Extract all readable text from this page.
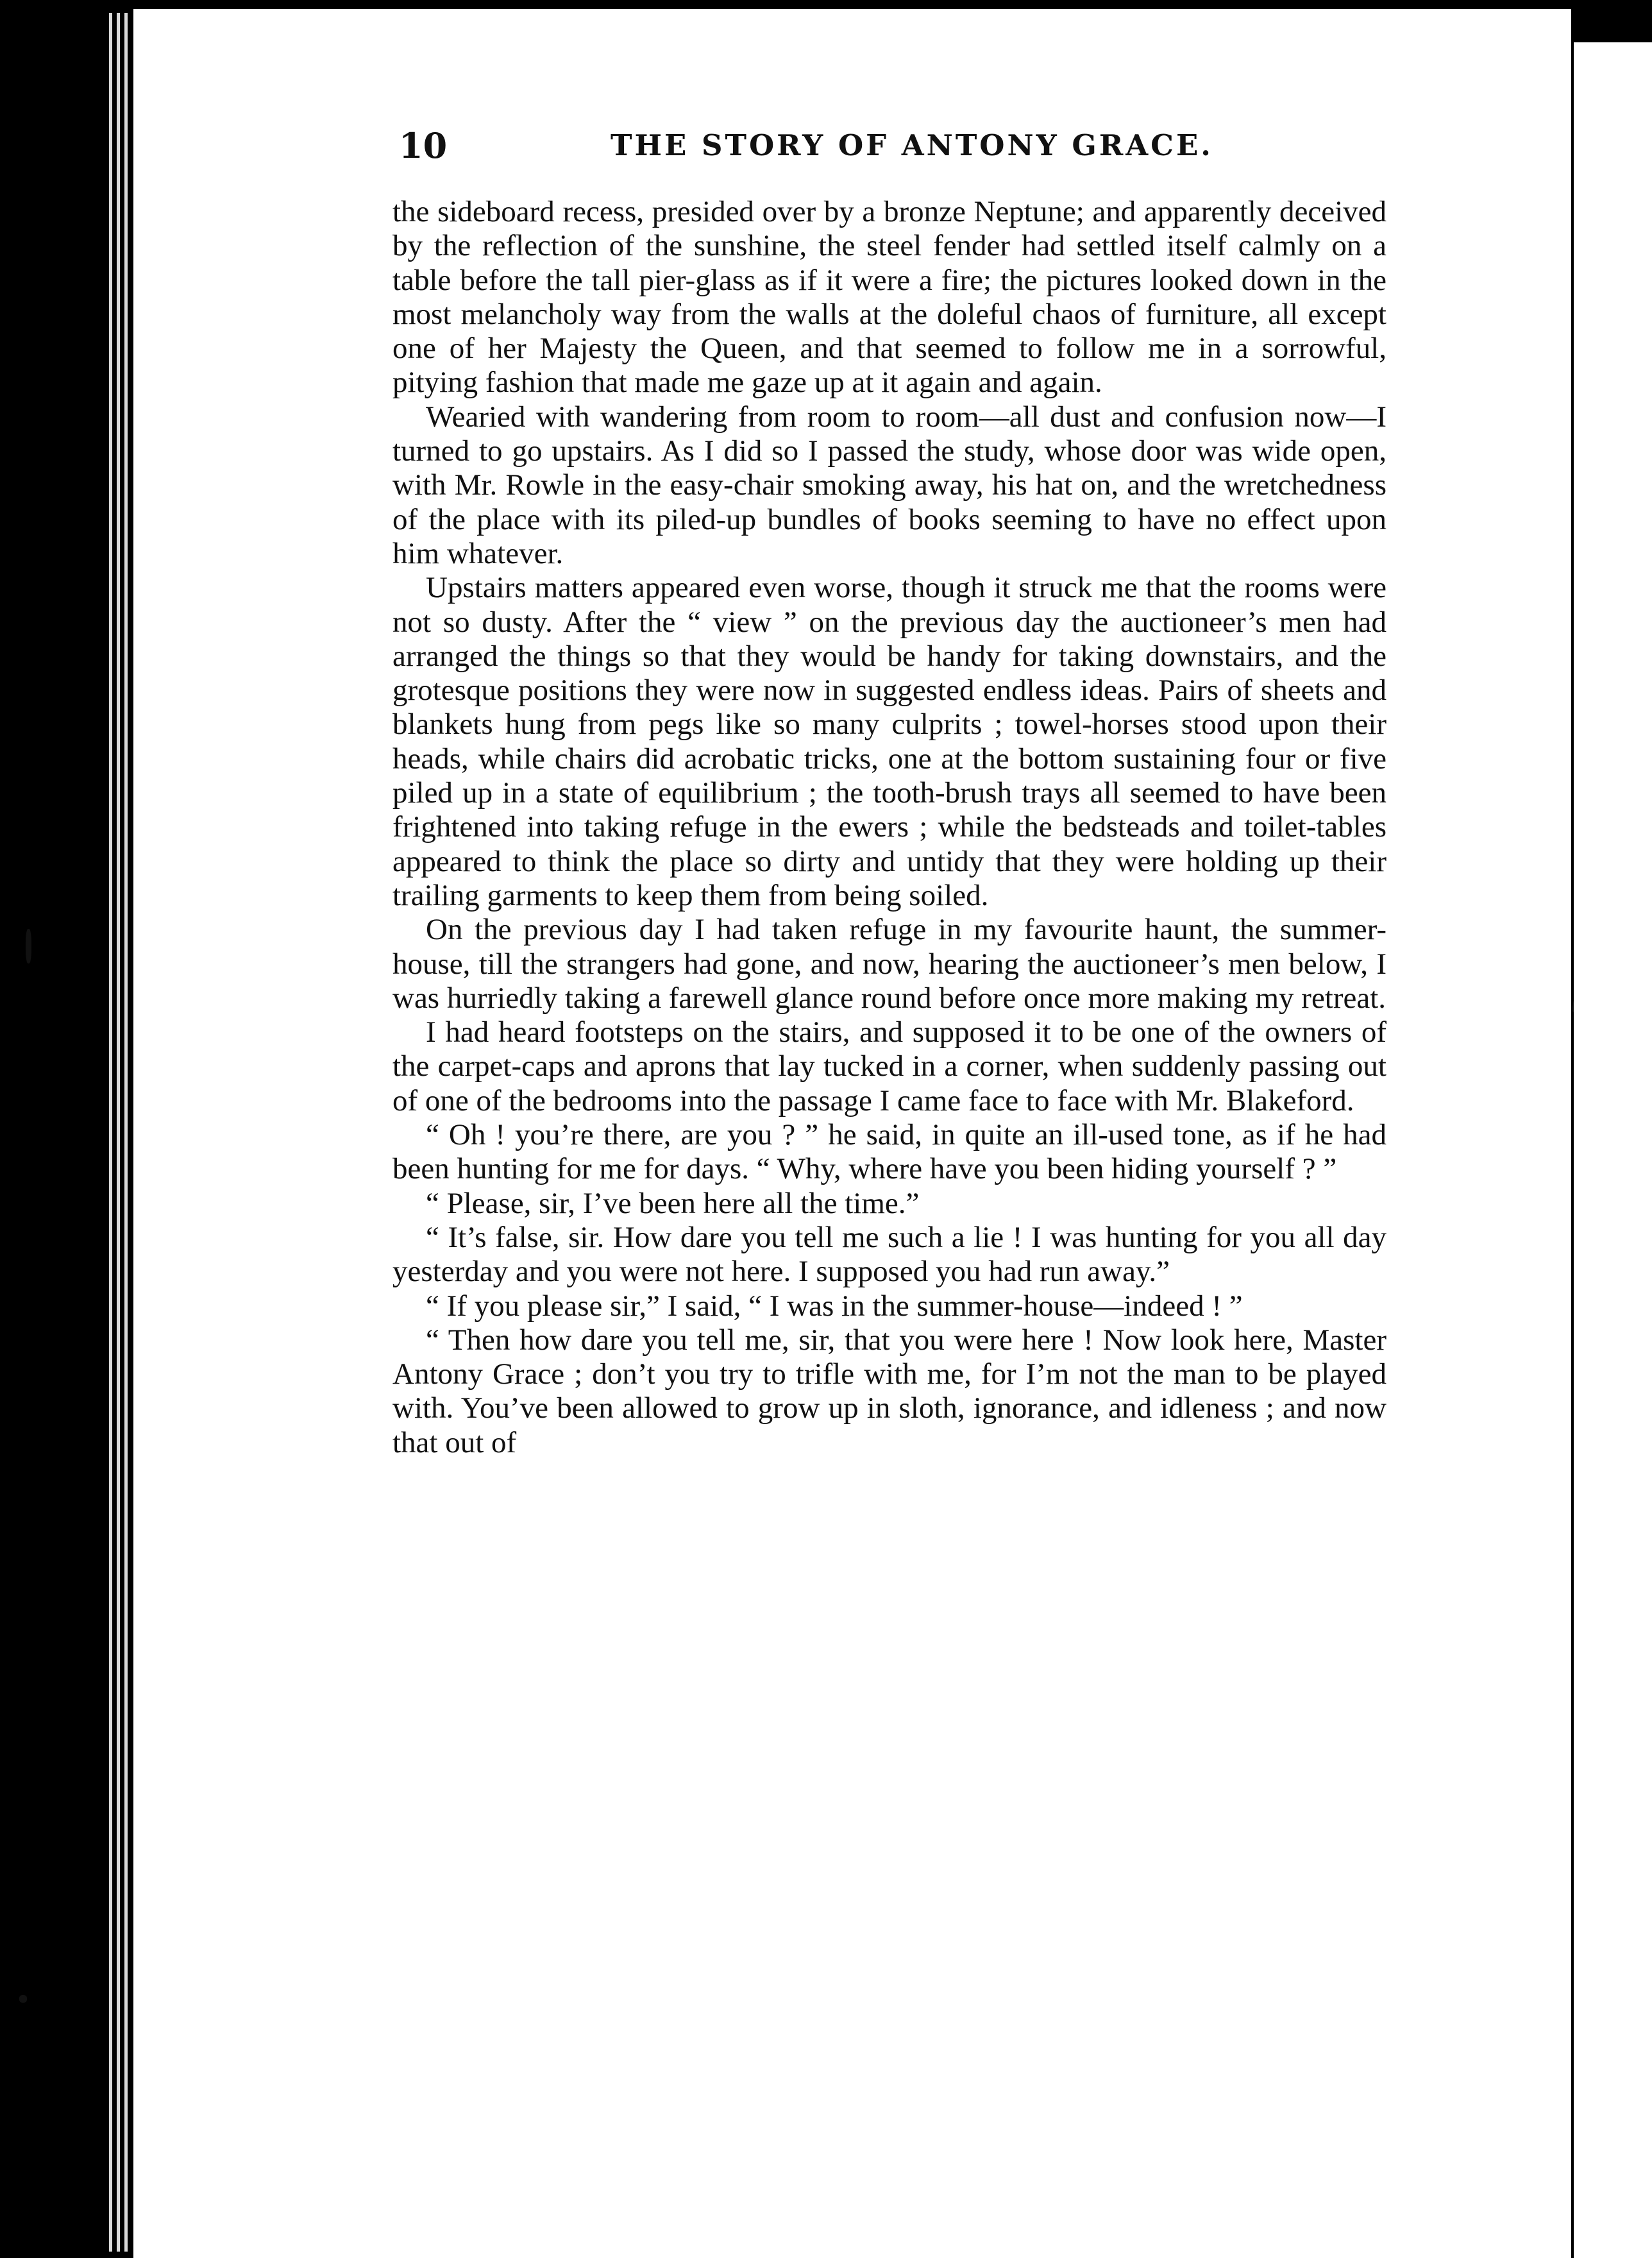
10	THE STORY OF ANTONY GRACE.

the sideboard recess, presided over by a bronze Neptune; and apparently deceived by the reflection of the sunshine, the steel fender had settled itself calmly on a table before the tall pier-glass as if it were a fire; the pictures looked down in the most melancholy way from the walls at the doleful chaos of furniture, all except one of her Majesty the Queen, and that seemed to follow me in a sorrowful, pitying fashion that made me gaze up at it again and again.

Wearied with wandering from room to room—all dust and confusion now—I turned to go upstairs. As I did so I passed the study, whose door was wide open, with Mr. Rowle in the easy-chair smoking away, his hat on, and the wretchedness of the place with its piled-up bundles of books seeming to have no effect upon him whatever.

Upstairs matters appeared even worse, though it struck me that the rooms were not so dusty. After the “ view ” on the previous day the auctioneer’s men had arranged the things so that they would be handy for taking downstairs, and the grotesque positions they were now in suggested endless ideas. Pairs of sheets and blankets hung from pegs like so many culprits ; towel-horses stood upon their heads, while chairs did acrobatic tricks, one at the bottom sustaining four or five piled up in a state of equilibrium ; the tooth-brush trays all seemed to have been frightened into taking refuge in the ewers ; while the bedsteads and toilet-tables appeared to think the place so dirty and untidy that they were holding up their trailing garments to keep them from being soiled.

On the previous day I had taken refuge in my favourite haunt, the summer-house, till the strangers had gone, and now, hearing the auctioneer’s men below, I was hurriedly taking a farewell glance round before once more making my retreat.

I had heard footsteps on the stairs, and supposed it to be one of the owners of the carpet-caps and aprons that lay tucked in a corner, when suddenly passing out of one of the bedrooms into the passage I came face to face with Mr. Blakeford.

“ Oh ! you’re there, are you ? ” he said, in quite an ill-used tone, as if he had been hunting for me for days. “ Why, where have you been hiding yourself ? ”

“ Please, sir, I’ve been here all the time.”

“ It’s false, sir. How dare you tell me such a lie ! I was hunting for you all day yesterday and you were not here. I supposed you had run away.”

“ If you please sir,” I said, “ I was in the summer-house—indeed ! ”

“ Then how dare you tell me, sir, that you were here ! Now look here, Master Antony Grace ; don’t you try to trifle with me, for I’m not the man to be played with. You’ve been allowed to grow up in sloth, ignorance, and idleness ; and now that out of
